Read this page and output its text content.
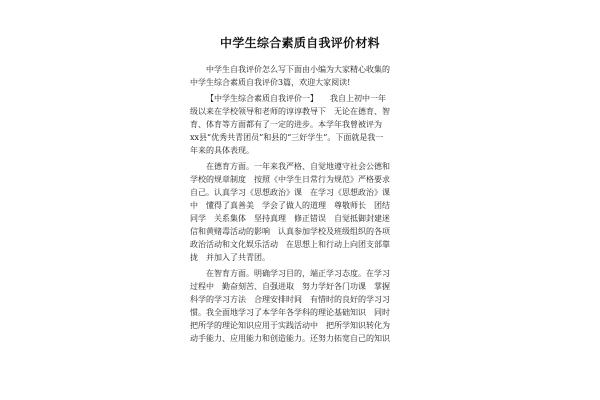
中学生综合素质自我评价材料
中学生自我评价怎么写下面由小编为大家精心收集的
中学生综合素质自我评价3篇，欢迎大家阅读!
【中学生综合素质自我评价一】　　我自上初中一年
级以来在学校领导和老师的谆谆教导下　无论在德育、智
育、体育等方面都有了一定的进步。本学年我曾被评为
xx县“优秀共青团员”和县的“三好学生”。下面就是我一
年来的具体表现。
在德育方面。一年来我严格、自觉地遵守社会公德和
学校的规章制度　按照《中学生日常行为规范》严格要求
自己。认真学习《思想政治》课　在学习《思想政治》课
中　懂得了真善美　学会了做人的道理　尊敬师长　团结
同学　关系集体　坚持真理　修正错误　自觉抵御封建迷
信和黄赌毒活动的影响　认真参加学校及班级组织的各项
政治活动和文化娱乐活动　在思想上和行动上向团支部靠
拢　并加入了共青团。
在智育方面。明确学习目的，端正学习态度。在学习
过程中　勤奋刻苦、自强进取　努力学好各门功课　掌握
科学的学习方法　合理安排时间　有惜时的良好的学习习
惯。我全面地学习了本学年各学科的理论基础知识　同时
把所学的理论知识应用于实践活动中　把所学知识转化为
动手能力、应用能力和创造能力。还努力拓宽自己的知识
